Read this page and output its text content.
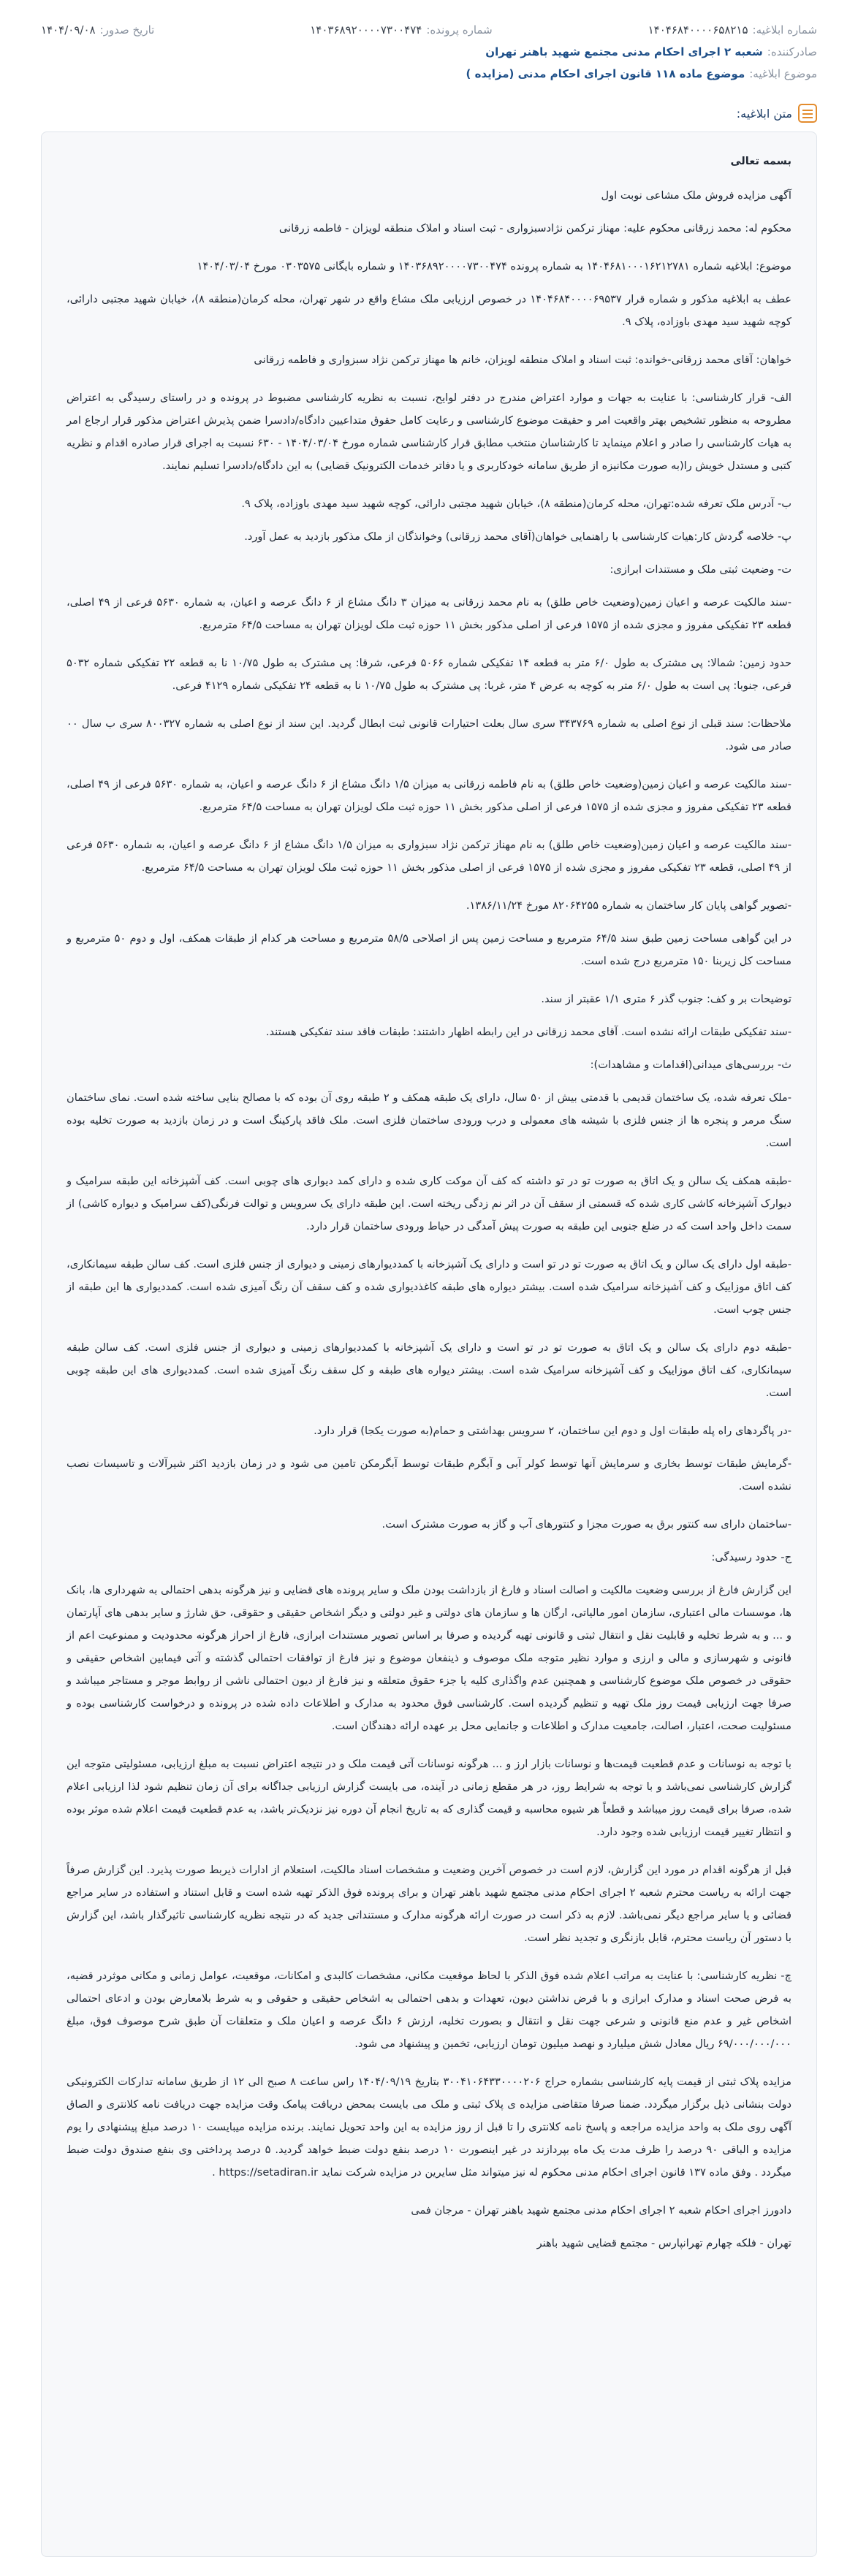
شماره ابلاغیه:
۱۴۰۴۶۸۴۰۰۰۰۶۵۸۲۱۵
شماره پرونده:
۱۴۰۳۶۸۹۲۰۰۰۰۷۳۰۰۴۷۴
تاریخ صدور:
۱۴۰۴/۰۹/۰۸
صادرکننده:
شعبه ۲ اجرای احکام مدنی مجتمع شهید باهنر تهران
موضوع ابلاغیه:
موضوع ماده ۱۱۸ قانون اجرای احکام مدنی (مزایده )
متن ابلاغیه:

بسمه تعالی

آگهی مزایده فروش ملک مشاعی نوبت اول

محکوم له: محمد زرقانی محکوم علیه: مهناز ترکمن نژادسبزواری - ثبت اسناد و املاک منطقه لویزان - فاطمه زرقانی

موضوع: ابلاغیه شماره ۱۴۰۴۶۸۱۰۰۰۱۶۲۱۲۷۸۱ به شماره پرونده ۱۴۰۳۶۸۹۲۰۰۰۰۷۳۰۰۴۷۴ و شماره بایگانی ۰۳۰۳۵۷۵ مورخ ۱۴۰۴/۰۳/۰۴

عطف به ابلاغیه مذکور و شماره قرار ۱۴۰۴۶۸۴۰۰۰۰۶۹۵۳۷ در خصوص ارزیابی ملک مشاع واقع در شهر تهران، محله کرمان(منطقه ۸)، خیابان شهید مجتبی دارائی، کوچه شهید سید مهدی باوزاده، پلاک ۹.

خواهان: آقای محمد زرقانی-خوانده: ثبت اسناد و املاک منطقه لویزان، خانم ها مهناز ترکمن نژاد سبزواری و فاطمه زرقانی

الف- قرار کارشناسی: با عنایت به جهات و موارد اعتراض مندرج در دفتر لوایح، نسبت به نظریه کارشناسی مضبوط در پرونده و در راستای رسیدگی به اعتراض مطروحه به منظور تشخیص بهتر واقعیت امر و حقیقت موضوع کارشناسی و رعایت کامل حقوق متداعیین دادگاه/دادسرا ضمن پذیرش اعتراض مذکور قرار ارجاع امر به هیات کارشناسی را صادر و اعلام مینماید تا کارشناسان منتخب مطابق قرار کارشناسی شماره مورخ ۱۴۰۴/۰۳/۰۴ - ۶۳۰ نسبت به اجرای قرار صادره اقدام و نظریه کتبی و مستدل خویش را(به صورت مکانیزه از طریق سامانه خودکاربری و یا دفاتر خدمات الکترونیک قضایی) به این دادگاه/دادسرا تسلیم نمایند.

ب- آدرس ملک تعرفه شده:تهران، محله کرمان(منطقه ۸)، خیابان شهید مجتبی دارائی، کوچه شهید سید مهدی باوزاده، پلاک ۹.

پ- خلاصه گردش کار:هیات کارشناسی با راهنمایی خواهان(آقای محمد زرقانی) وخوانذگان از ملک مذکور بازدید به عمل آورد.

ت- وضعیت ثبتی ملک و مستندات ابرازی:

-سند مالکیت عرصه و اعیان زمین(وضعیت خاص طلق) به نام محمد زرقانی به میزان ۳ دانگ مشاع از ۶ دانگ عرصه و اعیان، به شماره ۵۶۳۰ فرعی از ۴۹ اصلی، قطعه ۲۳ تفکیکی مفروز و مجزی شده از ۱۵۷۵ فرعی از اصلی مذکور بخش ۱۱ حوزه ثبت ملک لویزان تهران به مساحت ۶۴/۵ مترمربع.

حدود زمین: شمالا: پی مشترک به طول ۶/۰ متر به قطعه ۱۴ تفکیکی شماره ۵۰۶۶ فرعی، شرقا: پی مشترک به طول ۱۰/۷۵ نا به قطعه ۲۲ تفکیکی شماره ۵۰۳۲ فرعی، جنوبا: پی است به طول ۶/۰ متر به کوچه به عرض ۴ متر، غربا: پی مشترک به طول ۱۰/۷۵ نا به قطعه ۲۴ تفکیکی شماره ۴۱۲۹ فرعی.

ملاحظات: سند قبلی از نوع اصلی به شماره ۳۴۳۷۶۹ سری سال بعلت احتیارات قانونی ثبت ابطال گردید. این سند از نوع اصلی به شماره ۸۰۰۳۲۷ سری ب سال ۰۰ صادر می شود.

-سند مالکیت عرصه و اعیان زمین(وضعیت خاص طلق) به نام فاطمه زرقانی به میزان ۱/۵ دانگ مشاع از ۶ دانگ عرصه و اعیان، به شماره ۵۶۳۰ فرعی از ۴۹ اصلی، قطعه ۲۳ تفکیکی مفروز و مجزی شده از ۱۵۷۵ فرعی از اصلی مذکور بخش ۱۱ حوزه ثبت ملک لویزان تهران به مساحت ۶۴/۵ مترمربع.

-سند مالکیت عرصه و اعیان زمین(وضعیت خاص طلق) به نام مهناز ترکمن نژاد سبزواری به میزان ۱/۵ دانگ مشاع از ۶ دانگ عرصه و اعیان، به شماره ۵۶۳۰ فرعی از ۴۹ اصلی، قطعه ۲۳ تفکیکی مفروز و مجزی شده از ۱۵۷۵ فرعی از اصلی مذکور بخش ۱۱ حوزه ثبت ملک لویزان تهران به مساحت ۶۴/۵ مترمربع.

-تصویر گواهی پایان کار ساختمان به شماره ۸۲۰۶۴۲۵۵ مورخ ۱۳۸۶/۱۱/۲۴.

در این گواهی مساحت زمین طبق سند ۶۴/۵ مترمربع و مساحت زمین پس از اصلاحی ۵۸/۵ مترمربع و مساحت هر کدام از طبقات همکف، اول و دوم ۵۰ مترمربع و مساحت کل زیربنا ۱۵۰ مترمربع درج شده است.

توضیحات بر و کف: جنوب گذر ۶ متری ۱/۱ عقبتر از سند.

-سند تفکیکی طبقات ارائه نشده است. آقای محمد زرقانی در این رابطه اظهار داشتند: طبقات فاقد سند تفکیکی هستند.

ث- بررسی‌های میدانی(اقدامات و مشاهدات):

-ملک تعرفه شده، یک ساختمان قدیمی با قدمتی بیش از ۵۰ سال، دارای یک طبقه همکف و ۲ طبقه روی آن بوده که با مصالح بنایی ساخته شده است. نمای ساختمان سنگ مرمر و پنجره ها از جنس فلزی با شیشه های معمولی و درب ورودی ساختمان فلزی است. ملک فاقد پارکینگ است و در زمان بازدید به صورت تخلیه بوده است.

-طبقه همکف یک سالن و یک اتاق به صورت تو در تو داشته که کف آن موکت کاری شده و دارای کمد دیواری های چوبی است. کف آشپزخانه این طبقه سرامیک و دیوارک آشپزخانه کاشی کاری شده که قسمتی از سقف آن در اثر نم زدگی ریخته است. این طبقه دارای یک سرویس و توالت فرنگی(کف سرامیک و دیواره کاشی) از سمت داخل واحد است که در ضلع جنوبی این طبقه به صورت پیش آمدگی در حیاط ورودی ساختمان قرار دارد.

-طبقه اول دارای یک سالن و یک اتاق به صورت تو در تو است و دارای یک آشپزخانه با کمددیوارهای زمینی و دیواری از جنس فلزی است. کف سالن طبقه سیمانکاری، کف اتاق موزاییک و کف آشپزخانه سرامیک شده است. بیشتر دیواره های طبقه کاغذدیواری شده و کف سقف آن رنگ آمیزی شده است. کمددیواری ها این طبقه از جنس چوب است.

-طبقه دوم دارای یک سالن و یک اتاق به صورت تو در تو است و دارای یک آشپزخانه با کمددیوارهای زمینی و دیواری از جنس فلزی است. کف سالن طبقه سیمانکاری، کف اتاق موزاییک و کف آشپزخانه سرامیک شده است. بیشتر دیواره های طبقه و کل سقف رنگ آمیزی شده است. کمددیواری های این طبقه چوبی است.

-در پاگردهای راه پله طبقات اول و دوم این ساختمان، ۲ سرویس بهداشتی و حمام(به صورت یکجا) قرار دارد.

-گرمایش طبقات توسط بخاری و سرمایش آنها توسط کولر آبی و آبگرم طبقات توسط آبگرمکن تامین می شود و در زمان بازدید اکثر شیرآلات و تاسیسات نصب نشده است.

-ساختمان دارای سه کنتور برق به صورت مجزا و کنتورهای آب و گاز به صورت مشترک است.

ج- حدود رسیدگی:

این گزارش فارغ از بررسی وضعیت مالکیت و اصالت اسناد و فارغ از بازداشت بودن ملک و سایر پرونده های قضایی و نیز هرگونه بدهی احتمالی به شهرداری ها، بانک ها، موسسات مالی اعتباری، سازمان امور مالیاتی، ارگان ها و سازمان های دولتی و غیر دولتی و دیگر اشخاص حقیقی و حقوقی، حق شارژ و سایر بدهی های آپارتمان و ... و به شرط تخلیه و قابلیت نقل و انتقال ثبتی و قانونی تهیه گردیده و صرفا بر اساس تصویر مستندات ابرازی، فارغ از احراز هرگونه محدودیت و ممنوعیت اعم از قانونی و شهرسازی و مالی و ارزی و موارد نظیر متوجه ملک موصوف و ذینفعان موضوع و نیز فارغ از توافقات احتمالی گذشته و آتی فیمابین اشخاص حقیقی و حقوقی در خصوص ملک موضوع کارشناسی و همچنین عدم واگذاری کلیه یا جزء حقوق متعلقه و نیز فارغ از دیون احتمالی ناشی از روابط موجر و مستاجر میباشد و صرفا جهت ارزیابی قیمت روز ملک تهیه و تنظیم گردیده است. کارشناسی فوق محدود به مدارک و اطلاعات داده شده در پرونده و درخواست کارشناسی بوده و مسئولیت صحت، اعتبار، اصالت، جامعیت مدارک و اطلاعات و جانمایی محل بر عهده ارائه دهندگان است.

با توجه به نوسانات و عدم قطعیت قیمت‌ها و نوسانات بازار ارز و ... هرگونه نوسانات آتی قیمت ملک و در نتیجه اعتراض نسبت به مبلغ ارزیابی، مسئولیتی متوجه این گزارش کارشناسی نمی‌باشد و با توجه به شرایط روز، در هر مقطع زمانی در آینده، می بایست گزارش ارزیابی جداگانه برای آن زمان تنظیم شود لذا ارزیابی اعلام شده، صرفا برای قیمت روز میباشد و قطعاً هر شیوه محاسبه و قیمت‌ گذاری که به تاریخ انجام آن دوره نیز نزدیک‌تر باشد، به عدم قطعیت قیمت اعلام شده موثر بوده و انتظار تغییر قیمت ارزیابی شده وجود دارد.

قبل از هرگونه اقدام در مورد این گزارش، لازم است در خصوص آخرین وضعیت و مشخصات اسناد مالکیت، استعلام از ادارات ذیربط صورت پذیرد. این گزارش صرفاً جهت ارائه به ریاست محترم شعبه ۲ اجرای احکام مدنی مجتمع شهید باهنر تهران و برای پرونده فوق الذکر تهیه شده است و قابل استناد و استفاده در سایر مراجع قضائی و یا سایر مراجع دیگر نمی‌باشد. لازم به ذکر است در صورت ارائه هرگونه مدارک و مستنداتی جدید که در نتیجه نظریه کارشناسی تاثیرگذار باشد، این گزارش با دستور آن ریاست محترم، قابل بازنگری و تجدید نظر است.

چ- نظریه کارشناسی: با عنایت به مراتب اعلام شده فوق الذکر با لحاظ موقعیت مکانی، مشخصات کالبدی و امکانات، موقعیت، عوامل زمانی و مکانی موثردر قضیه، به فرض صحت اسناد و مدارک ابرازی و با فرض نداشتن دیون، تعهدات و بدهی احتمالی به اشخاص حقیقی و حقوقی و به شرط بلامعارض بودن و ادعای احتمالی اشخاص غیر و عدم منع قانونی و شرعی جهت نقل و انتقال و بصورت تخلیه، ارزش ۶ دانگ عرصه و اعیان ملک و متعلقات آن طبق شرح موصوف فوق، مبلغ ۶۹/۰۰۰/۰۰۰/۰۰۰ ریال معادل شش میلیارد و نهصد میلیون تومان ارزیابی، تخمین و پیشنهاد می شود.

مزایده پلاک ثبتی از قیمت پایه کارشناسی بشماره حراج ۳۰۰۴۱۰۶۴۳۳۰۰۰۰۲۰۶ بتاریخ ۱۴۰۴/۰۹/۱۹ راس ساعت ۸ صبح الی ۱۲ از طریق سامانه تدارکات الکترونیکی دولت بنشانی ذیل برگزار میگردد. ضمنا صرفا متقاضی مزایده ی پلاک ثبتی و ملک می بایست بمحض دریافت پیامک وقت مزایده جهت دریافت نامه کلانتری و الصاق آگهی روی ملک به واحد مزایده مراجعه و پاسخ نامه کلانتری را تا قبل از روز مزایده به این واحد تحویل نمایند. برنده مزایده میبایست ۱۰ درصد مبلغ پیشنهادی را یوم مزایده و الباقی ۹۰ درصد را ظرف مدت یک ماه بپردازند در غیر اینصورت ۱۰ درصد بنفع دولت ضبط خواهد گردید. ۵ درصد پرداختی وی بنفع صندوق دولت ضبط میگردد . وفق ماده ۱۳۷ قانون اجرای احکام مدنی محکوم له نیز میتواند مثل سایرین در مزایده شرکت نماید https://setadiran.ir .

دادورز اجرای احکام شعبه ۲ اجرای احکام مدنی مجتمع شهید باهنر تهران - مرجان فمی

تهران - فلکه چهارم تهرانپارس - مجتمع قضایی شهید باهنر
